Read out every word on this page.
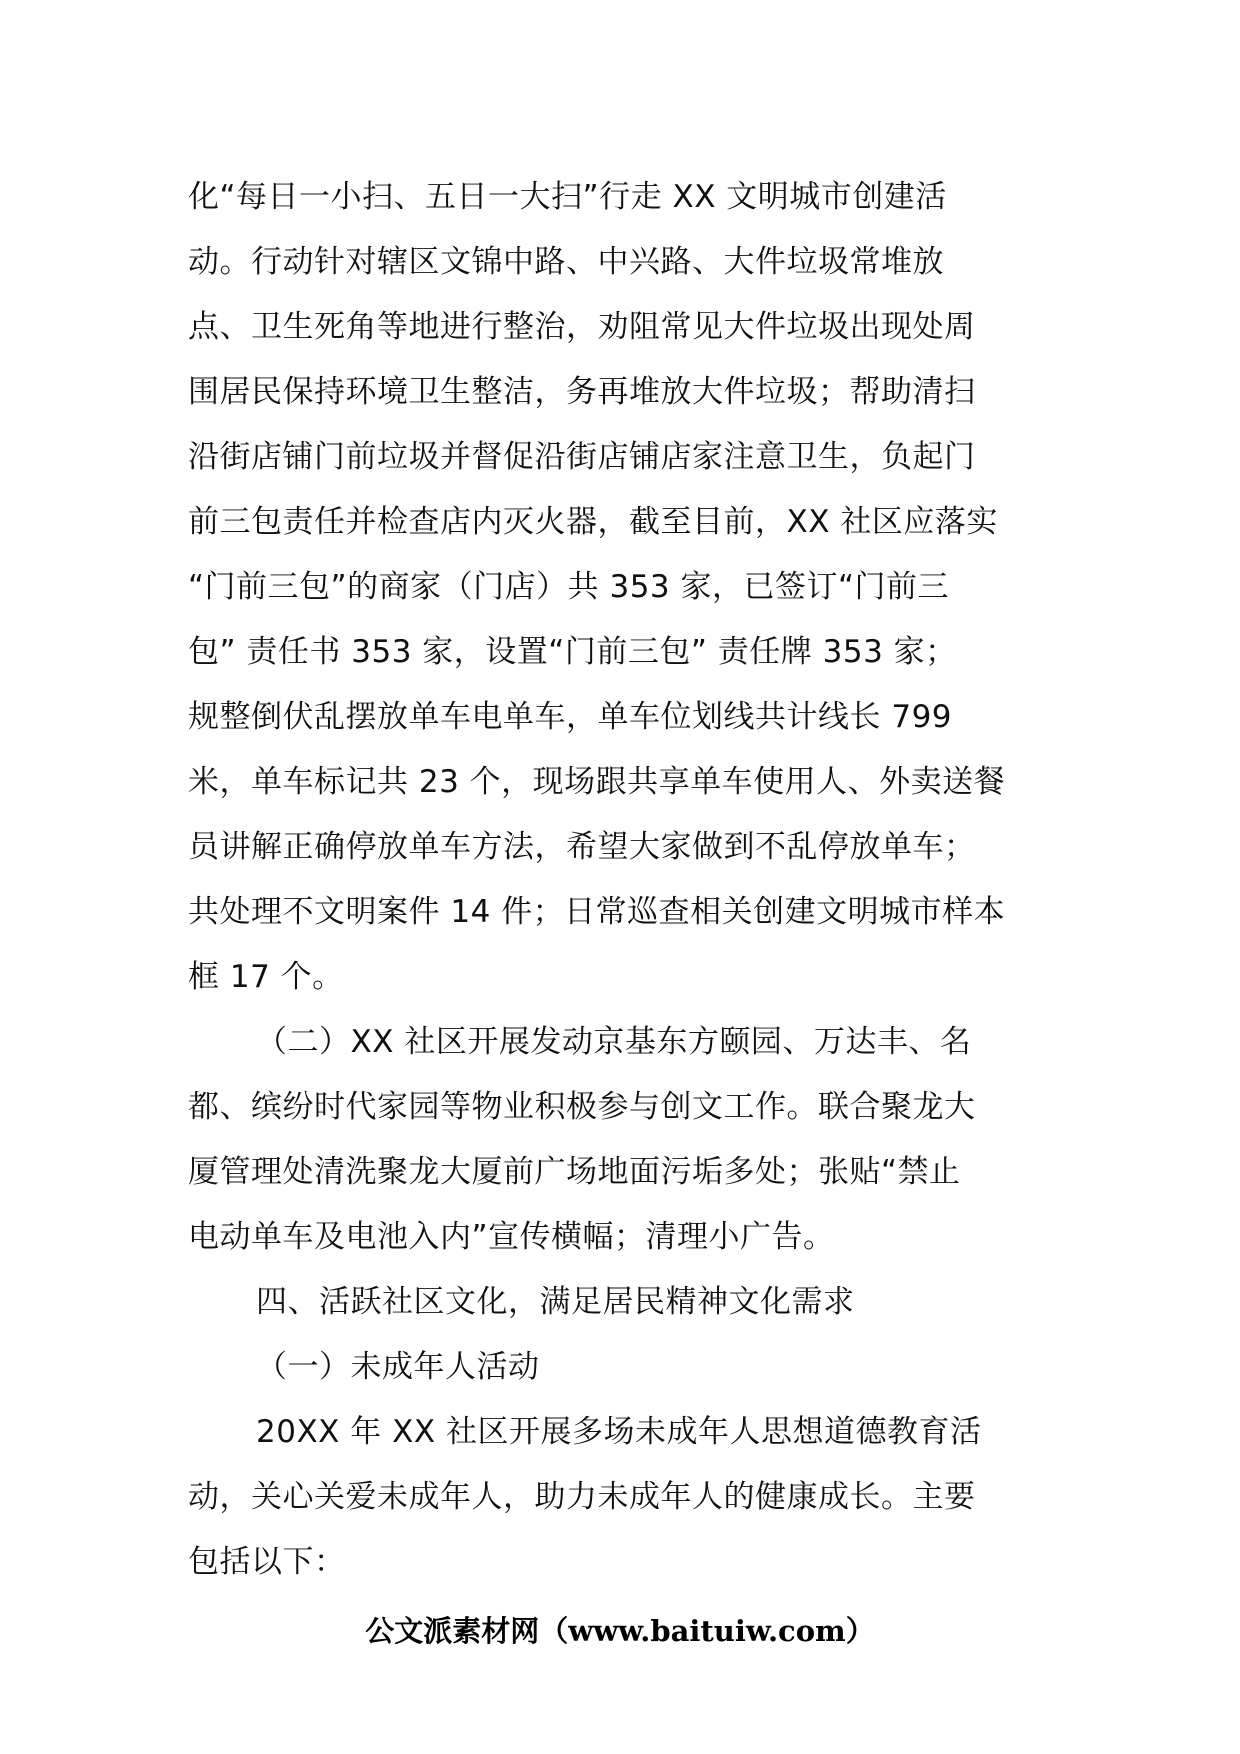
化“每日一小扫、五日一大扫”行走 XX 文明城市创建活
动。行动针对辖区文锦中路、中兴路、大件垃圾常堆放
点、卫生死角等地进行整治，劝阻常见大件垃圾出现处周
围居民保持环境卫生整洁，务再堆放大件垃圾；帮助清扫
沿街店铺门前垃圾并督促沿街店铺店家注意卫生，负起门
前三包责任并检查店内灭火器，截至目前，XX 社区应落实
“门前三包”的商家（门店）共 353 家，已签订“门前三
包” 责任书 353 家，设置“门前三包” 责任牌 353 家；
规整倒伏乱摆放单车电单车，单车位划线共计线长 799
米，单车标记共 23 个，现场跟共享单车使用人、外卖送餐
员讲解正确停放单车方法，希望大家做到不乱停放单车；
共处理不文明案件 14 件；日常巡查相关创建文明城市样本
框 17 个。
（二）XX 社区开展发动京基东方颐园、万达丰、名
都、缤纷时代家园等物业积极参与创文工作。联合聚龙大
厦管理处清洗聚龙大厦前广场地面污垢多处；张贴“禁止
电动单车及电池入内”宣传横幅；清理小广告。
四、活跃社区文化，满足居民精神文化需求
（一）未成年人活动
20XX 年 XX 社区开展多场未成年人思想道德教育活
动，关心关爱未成年人，助力未成年人的健康成长。主要
包括以下：
公文派素材网（www.baituiw.com）
